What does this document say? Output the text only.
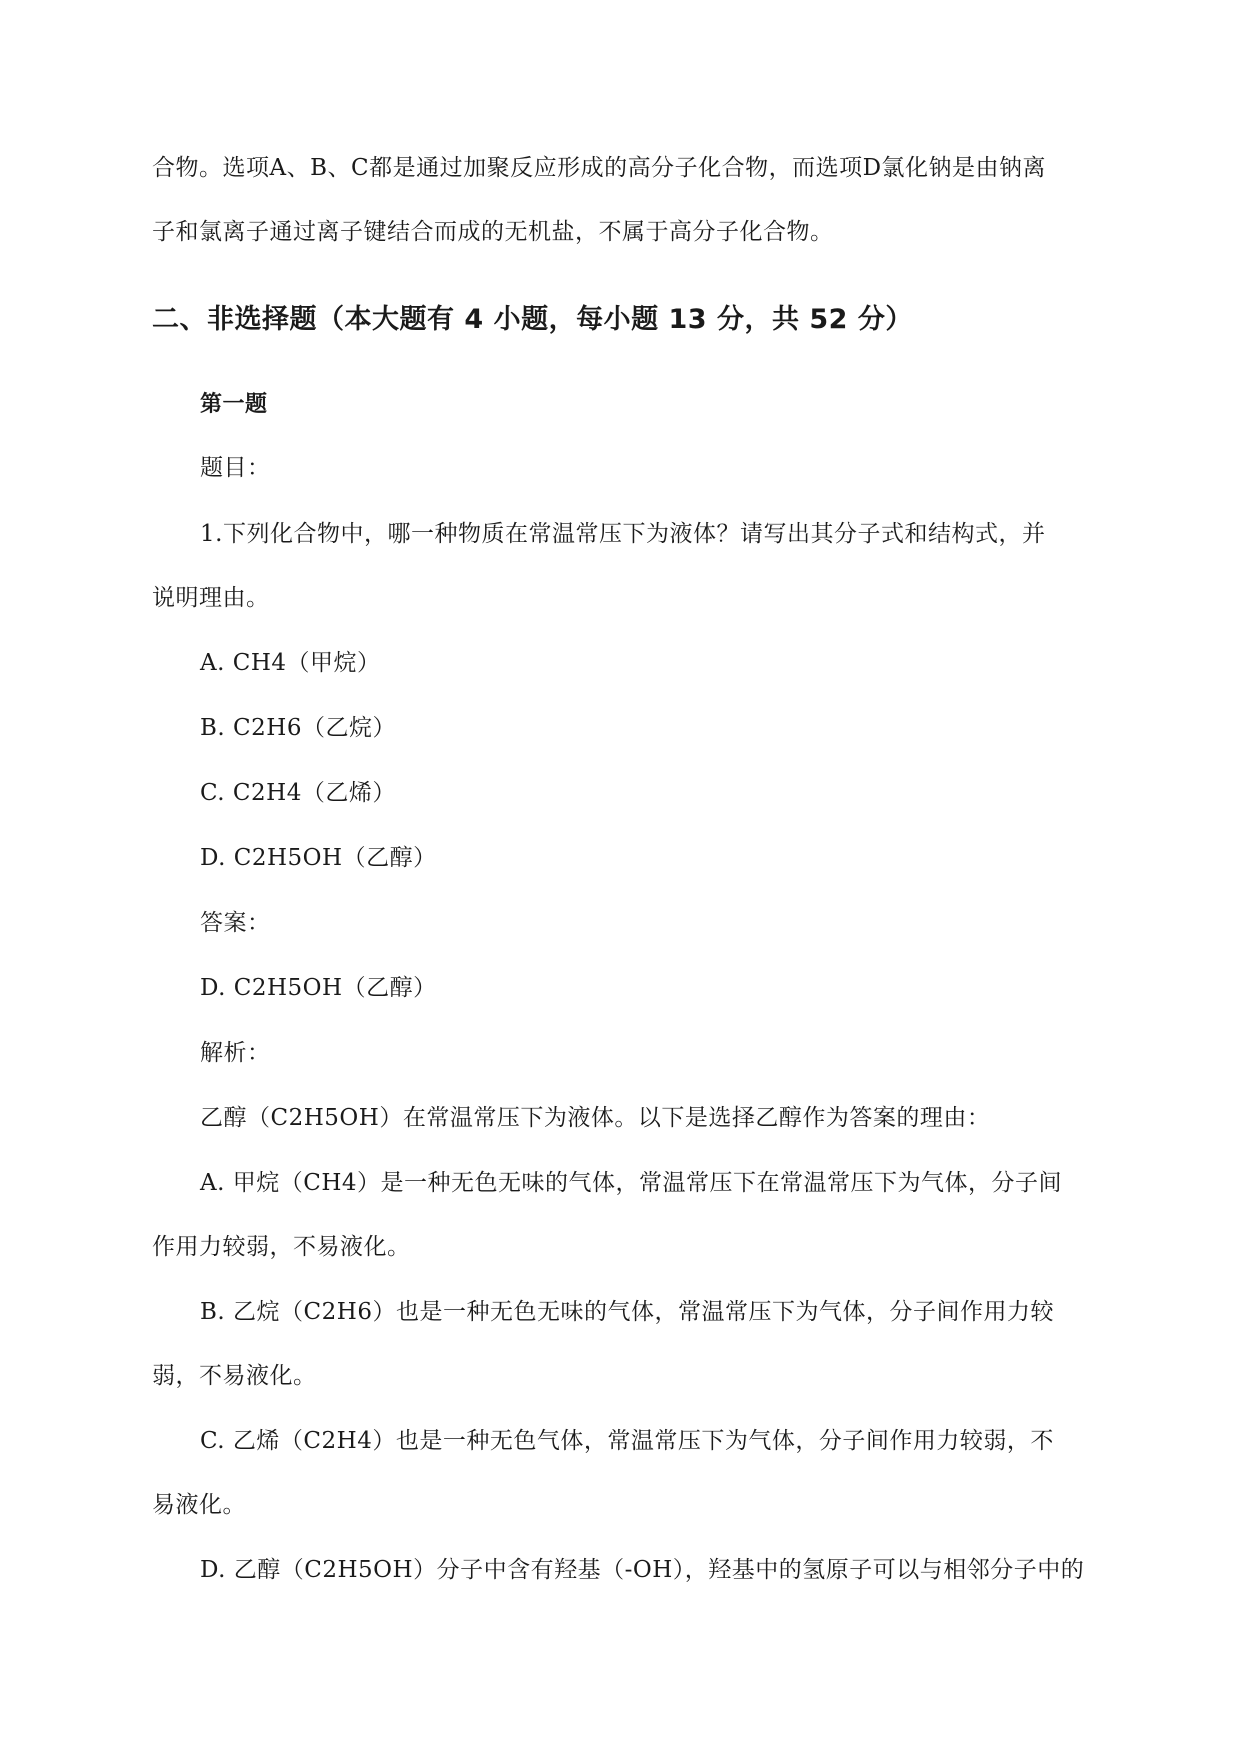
合物。选项A、B、C都是通过加聚反应形成的高分子化合物，而选项D氯化钠是由钠离
子和氯离子通过离子键结合而成的无机盐，不属于高分子化合物。
二、非选择题（本大题有 4 小题，每小题 13 分，共 52 分）
第一题
题目：
1.下列化合物中，哪一种物质在常温常压下为液体？请写出其分子式和结构式，并
说明理由。
A. CH4（甲烷）
B. C2H6（乙烷）
C. C2H4（乙烯）
D. C2H5OH（乙醇）
答案：
D. C2H5OH（乙醇）
解析：
乙醇（C2H5OH）在常温常压下为液体。以下是选择乙醇作为答案的理由：
A. 甲烷（CH4）是一种无色无味的气体，常温常压下在常温常压下为气体，分子间
作用力较弱，不易液化。
B. 乙烷（C2H6）也是一种无色无味的气体，常温常压下为气体，分子间作用力较
弱，不易液化。
C. 乙烯（C2H4）也是一种无色气体，常温常压下为气体，分子间作用力较弱，不
易液化。
D. 乙醇（C2H5OH）分子中含有羟基（-OH），羟基中的氢原子可以与相邻分子中的
